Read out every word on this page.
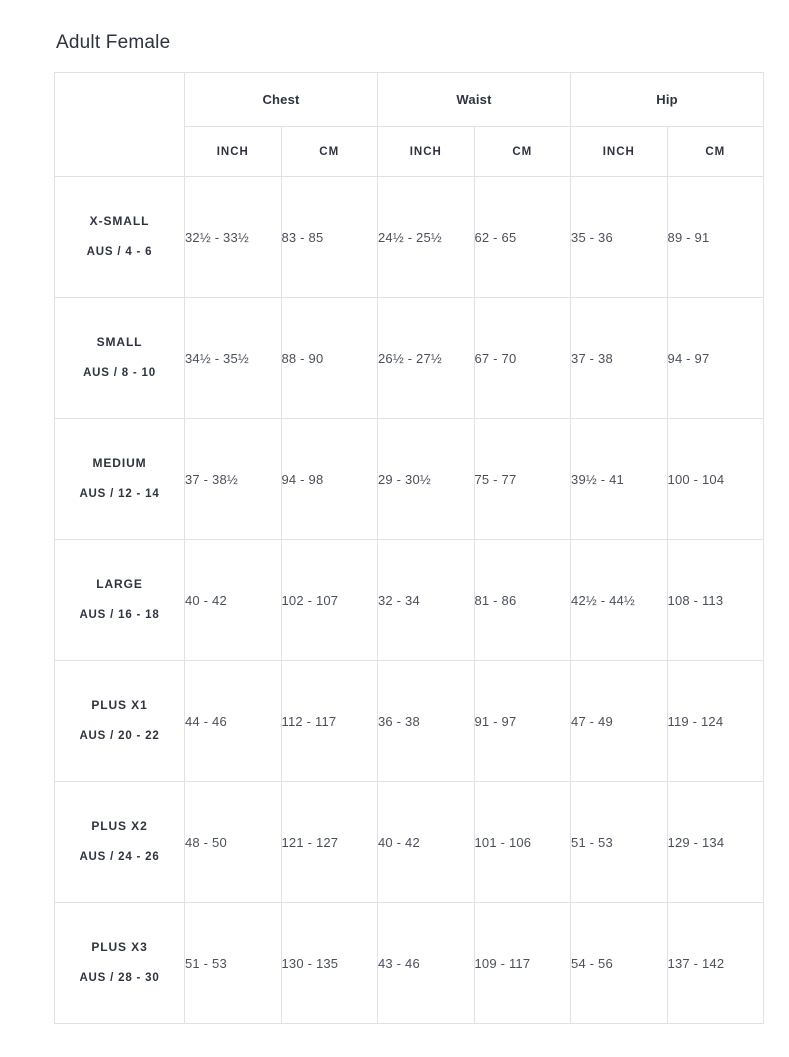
Adult Female
	Chest		Waist		Hip	
	INCH	CM	INCH	CM	INCH	CM

X-SMALL
AUS / 4 - 6	32½ - 33½	83 - 85	24½ - 25½	62 - 65	35 - 36	89 - 91

SMALL
AUS / 8 - 10	34½ - 35½	88 - 90	26½ - 27½	67 - 70	37 - 38	94 - 97

MEDIUM
AUS / 12 - 14	37 - 38½	94 - 98	29 - 30½	75 - 77	39½ - 41	100 - 104

LARGE
AUS / 16 - 18	40 - 42	102 - 107	32 - 34	81 - 86	42½ - 44½	108 - 113

PLUS X1
AUS / 20 - 22	44 - 46	112 - 117	36 - 38	91 - 97	47 - 49	119 - 124

PLUS X2
AUS / 24 - 26	48 - 50	121 - 127	40 - 42	101 - 106	51 - 53	129 - 134

PLUS X3
AUS / 28 - 30	51 - 53	130 - 135	43 - 46	109 - 117	54 - 56	137 - 142
